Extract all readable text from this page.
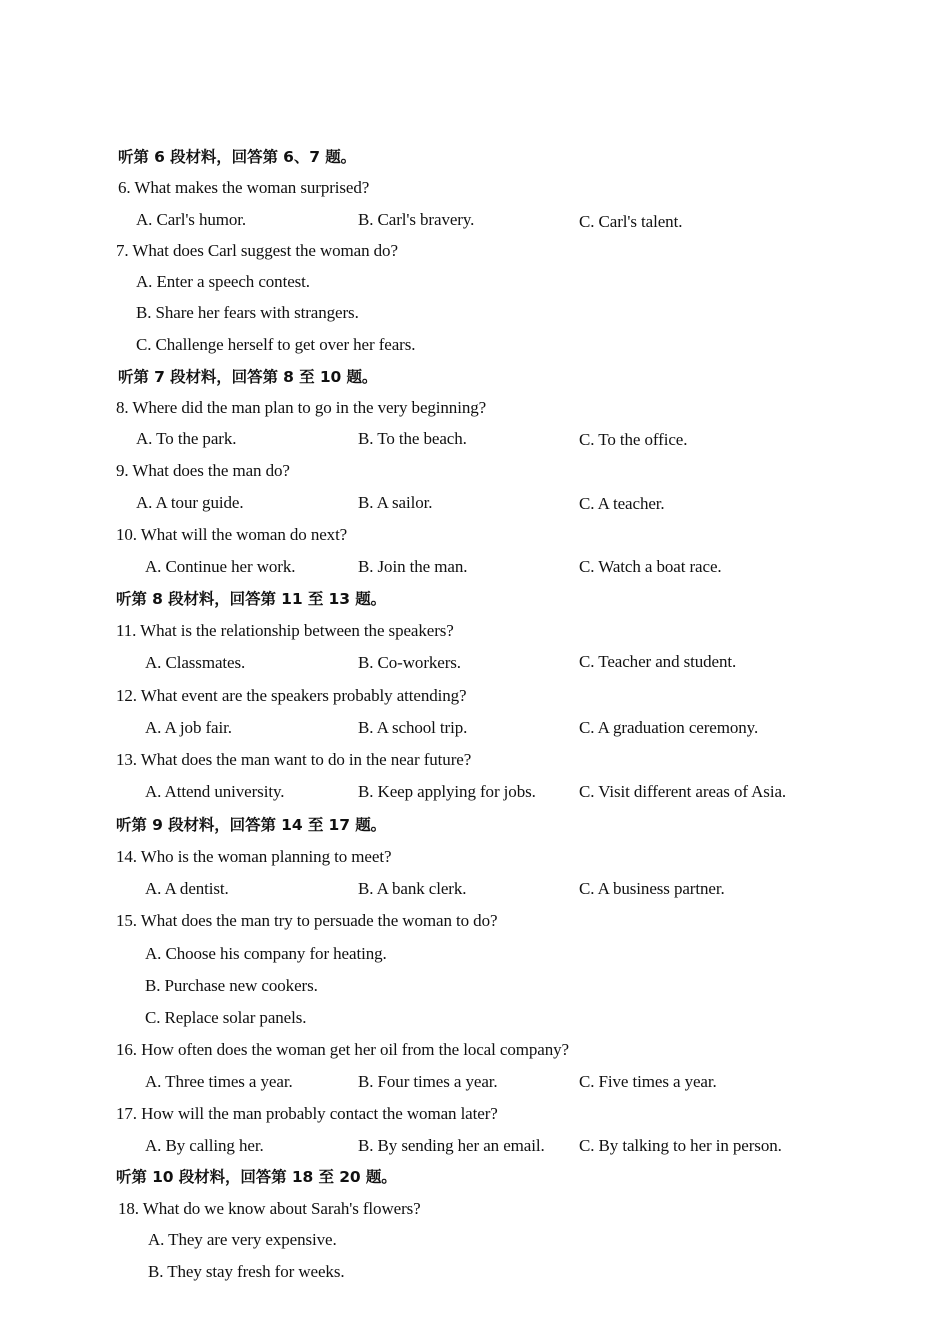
听第 6 段材料，回答第 6、7 题。
6. What makes the woman surprised?
A. Carl's humor.	B. Carl's bravery.	C. Carl's talent.
7. What does Carl suggest the woman do?
A. Enter a speech contest.
B. Share her fears with strangers.
C. Challenge herself to get over her fears.
听第 7 段材料，回答第 8 至 10 题。
8. Where did the man plan to go in the very beginning?
A. To the park.	B. To the beach.	C. To the office.
9. What does the man do?
A. A tour guide.	B. A sailor.	C. A teacher.
10. What will the woman do next?
A. Continue her work.	B. Join the man.	C. Watch a boat race.
听第 8 段材料，回答第 11 至 13 题。
11. What is the relationship between the speakers?
A. Classmates.	B. Co-workers.	C. Teacher and student.
12. What event are the speakers probably attending?
A. A job fair.	B. A school trip.	C. A graduation ceremony.
13. What does the man want to do in the near future?
A. Attend university.	B. Keep applying for jobs.	C. Visit different areas of Asia.
听第 9 段材料，回答第 14 至 17 题。
14. Who is the woman planning to meet?
A. A dentist.	B. A bank clerk.	C. A business partner.
15. What does the man try to persuade the woman to do?
A. Choose his company for heating.
B. Purchase new cookers.
C. Replace solar panels.
16. How often does the woman get her oil from the local company?
A. Three times a year.	B. Four times a year.	C. Five times a year.
17. How will the man probably contact the woman later?
A. By calling her.	B. By sending her an email. C. By talking to her in person.
听第 10 段材料，回答第 18 至 20 题。
18. What do we know about Sarah's flowers?
A. They are very expensive.
B. They stay fresh for weeks.
